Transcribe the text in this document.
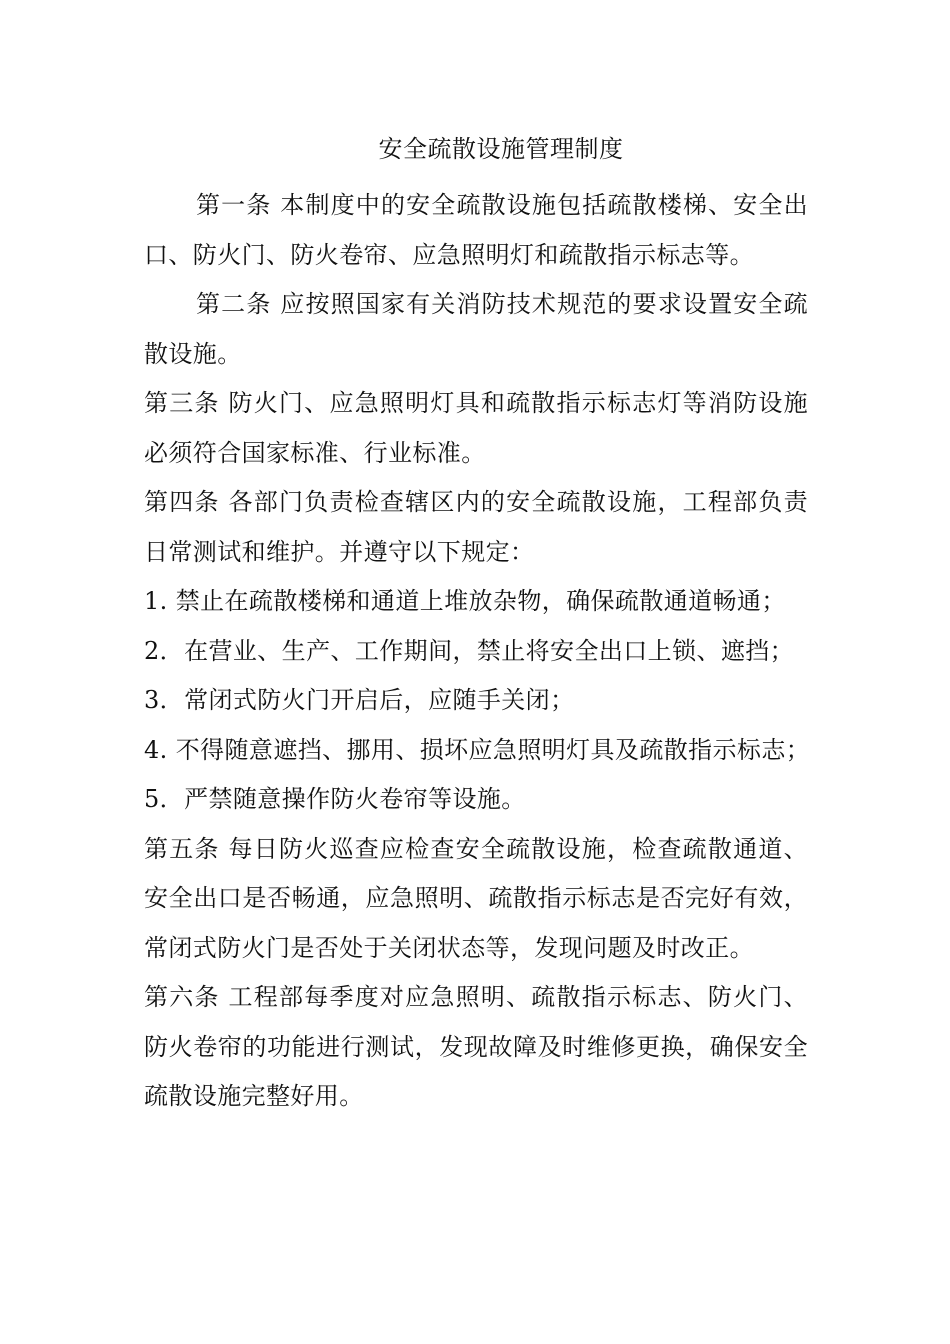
安全疏散设施管理制度

第一条 本制度中的安全疏散设施包括疏散楼梯、安全出口、防火门、防火卷帘、应急照明灯和疏散指示标志等。

第二条 应按照国家有关消防技术规范的要求设置安全疏散设施。

第三条 防火门、应急照明灯具和疏散指示标志灯等消防设施必须符合国家标准、行业标准。

第四条 各部门负责检查辖区内的安全疏散设施，工程部负责日常测试和维护。并遵守以下规定：

1. 禁止在疏散楼梯和通道上堆放杂物，确保疏散通道畅通；

2．在营业、生产、工作期间，禁止将安全出口上锁、遮挡；

3．常闭式防火门开启后，应随手关闭；

4. 不得随意遮挡、挪用、损坏应急照明灯具及疏散指示标志；

5．严禁随意操作防火卷帘等设施。

第五条 每日防火巡查应检查安全疏散设施，检查疏散通道、安全出口是否畅通，应急照明、疏散指示标志是否完好有效，常闭式防火门是否处于关闭状态等，发现问题及时改正。

第六条 工程部每季度对应急照明、疏散指示标志、防火门、防火卷帘的功能进行测试，发现故障及时维修更换，确保安全疏散设施完整好用。
